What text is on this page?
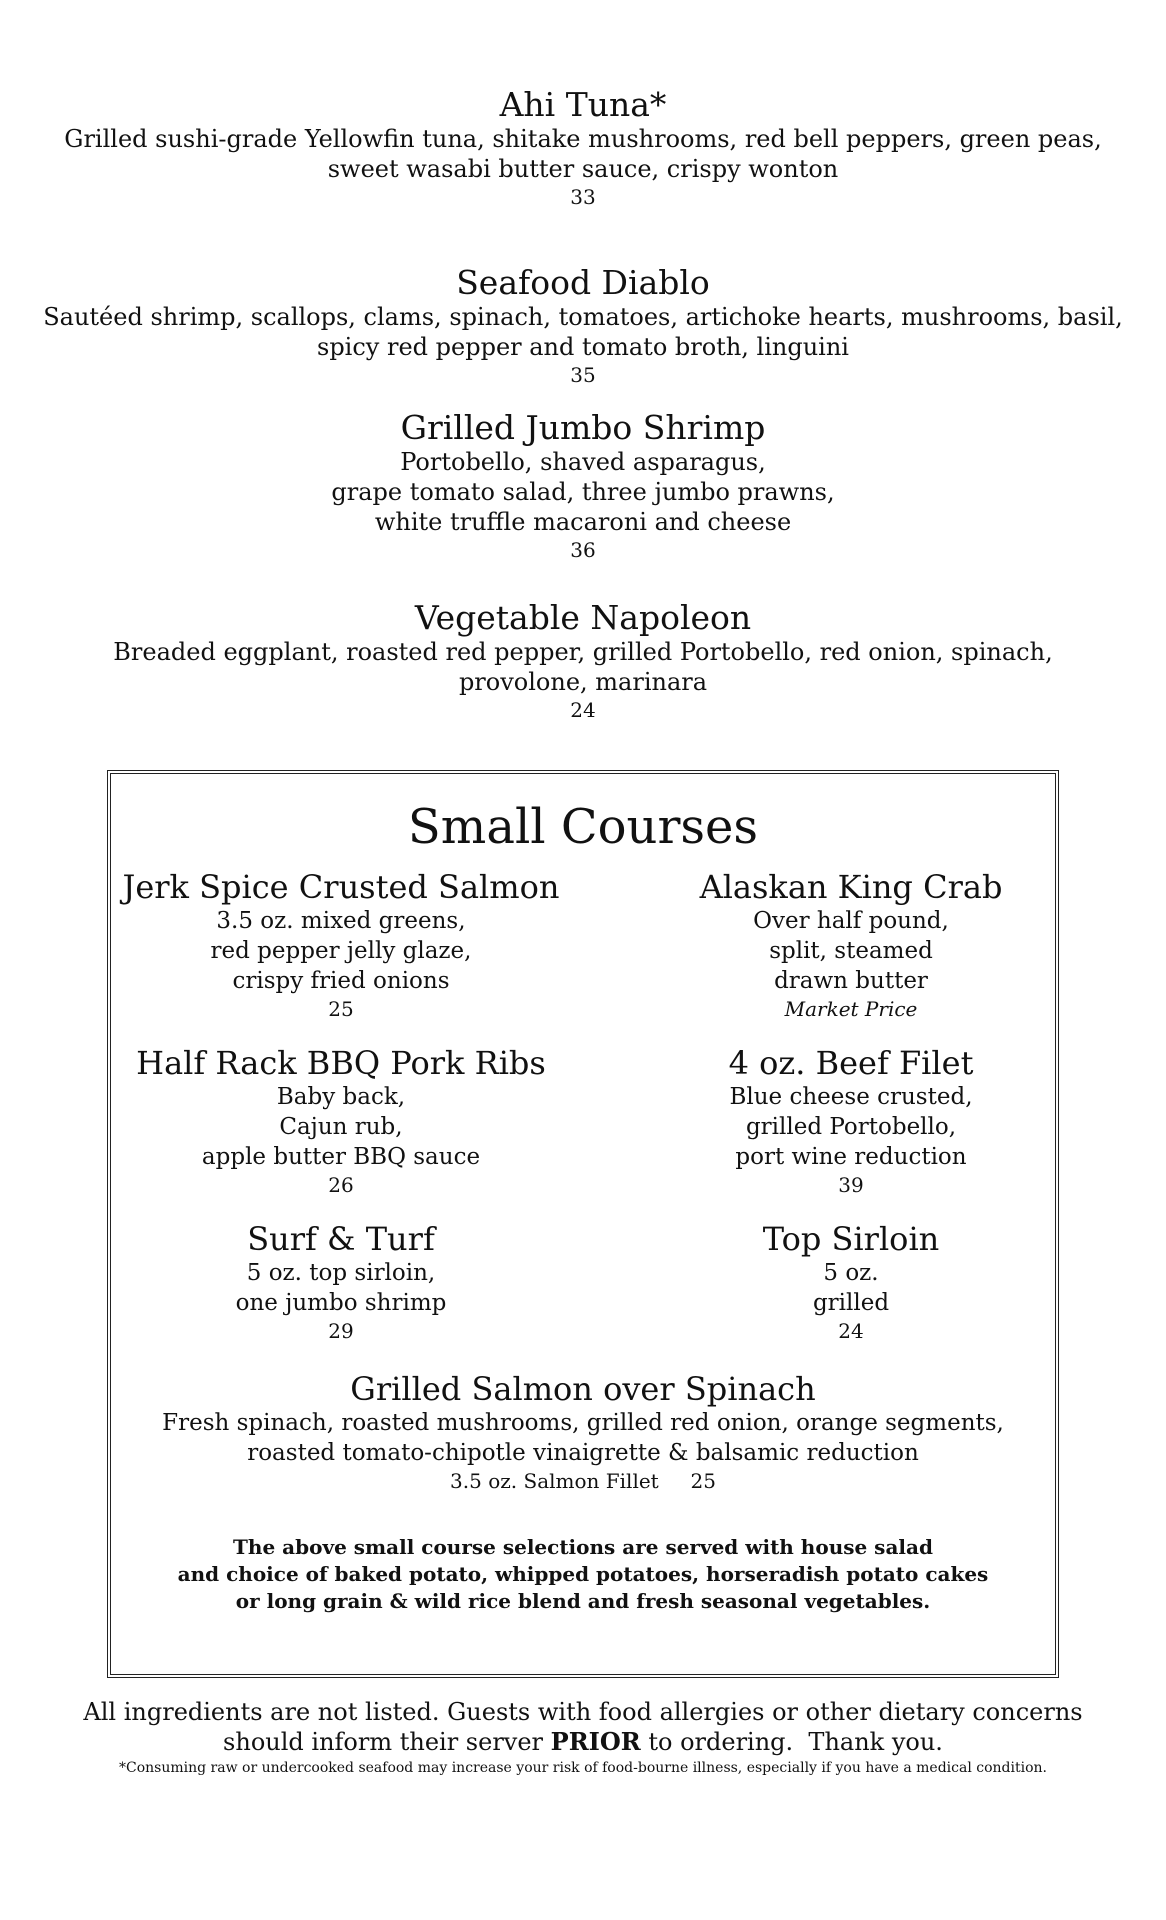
Ahi Tuna*
Grilled sushi-grade Yellowfin tuna, shitake mushrooms, red bell peppers, green peas,
sweet wasabi butter sauce, crispy wonton
33
Seafood Diablo
Sautéed shrimp, scallops, clams, spinach, tomatoes, artichoke hearts, mushrooms, basil,
spicy red pepper and tomato broth, linguini
35
Grilled Jumbo Shrimp
Portobello, shaved asparagus,
grape tomato salad, three jumbo prawns,
white truffle macaroni and cheese
36
Vegetable Napoleon
Breaded eggplant, roasted red pepper, grilled Portobello, red onion, spinach,
provolone, marinara
24
Small Courses
Jerk Spice Crusted Salmon
3.5 oz. mixed greens,
red pepper jelly glaze,
crispy fried onions
25
Half Rack BBQ Pork Ribs
Baby back,
Cajun rub,
apple butter BBQ sauce
26
Surf & Turf
5 oz. top sirloin,
one jumbo shrimp
29
Alaskan King Crab
Over half pound,
split, steamed
drawn butter
Market Price
4 oz. Beef Filet
Blue cheese crusted,
grilled Portobello,
port wine reduction
39
Top Sirloin
5 oz.
grilled
24
Grilled Salmon over Spinach
Fresh spinach, roasted mushrooms, grilled red onion, orange segments,
roasted tomato-chipotle vinaigrette & balsamic reduction
3.5 oz. Salmon Fillet     25
The above small course selections are served with house salad
and choice of baked potato, whipped potatoes, horseradish potato cakes
or long grain & wild rice blend and fresh seasonal vegetables.
All ingredients are not listed. Guests with food allergies or other dietary concerns
should inform their server PRIOR to ordering.  Thank you.
*Consuming raw or undercooked seafood may increase your risk of food-bourne illness, especially if you have a medical condition.
